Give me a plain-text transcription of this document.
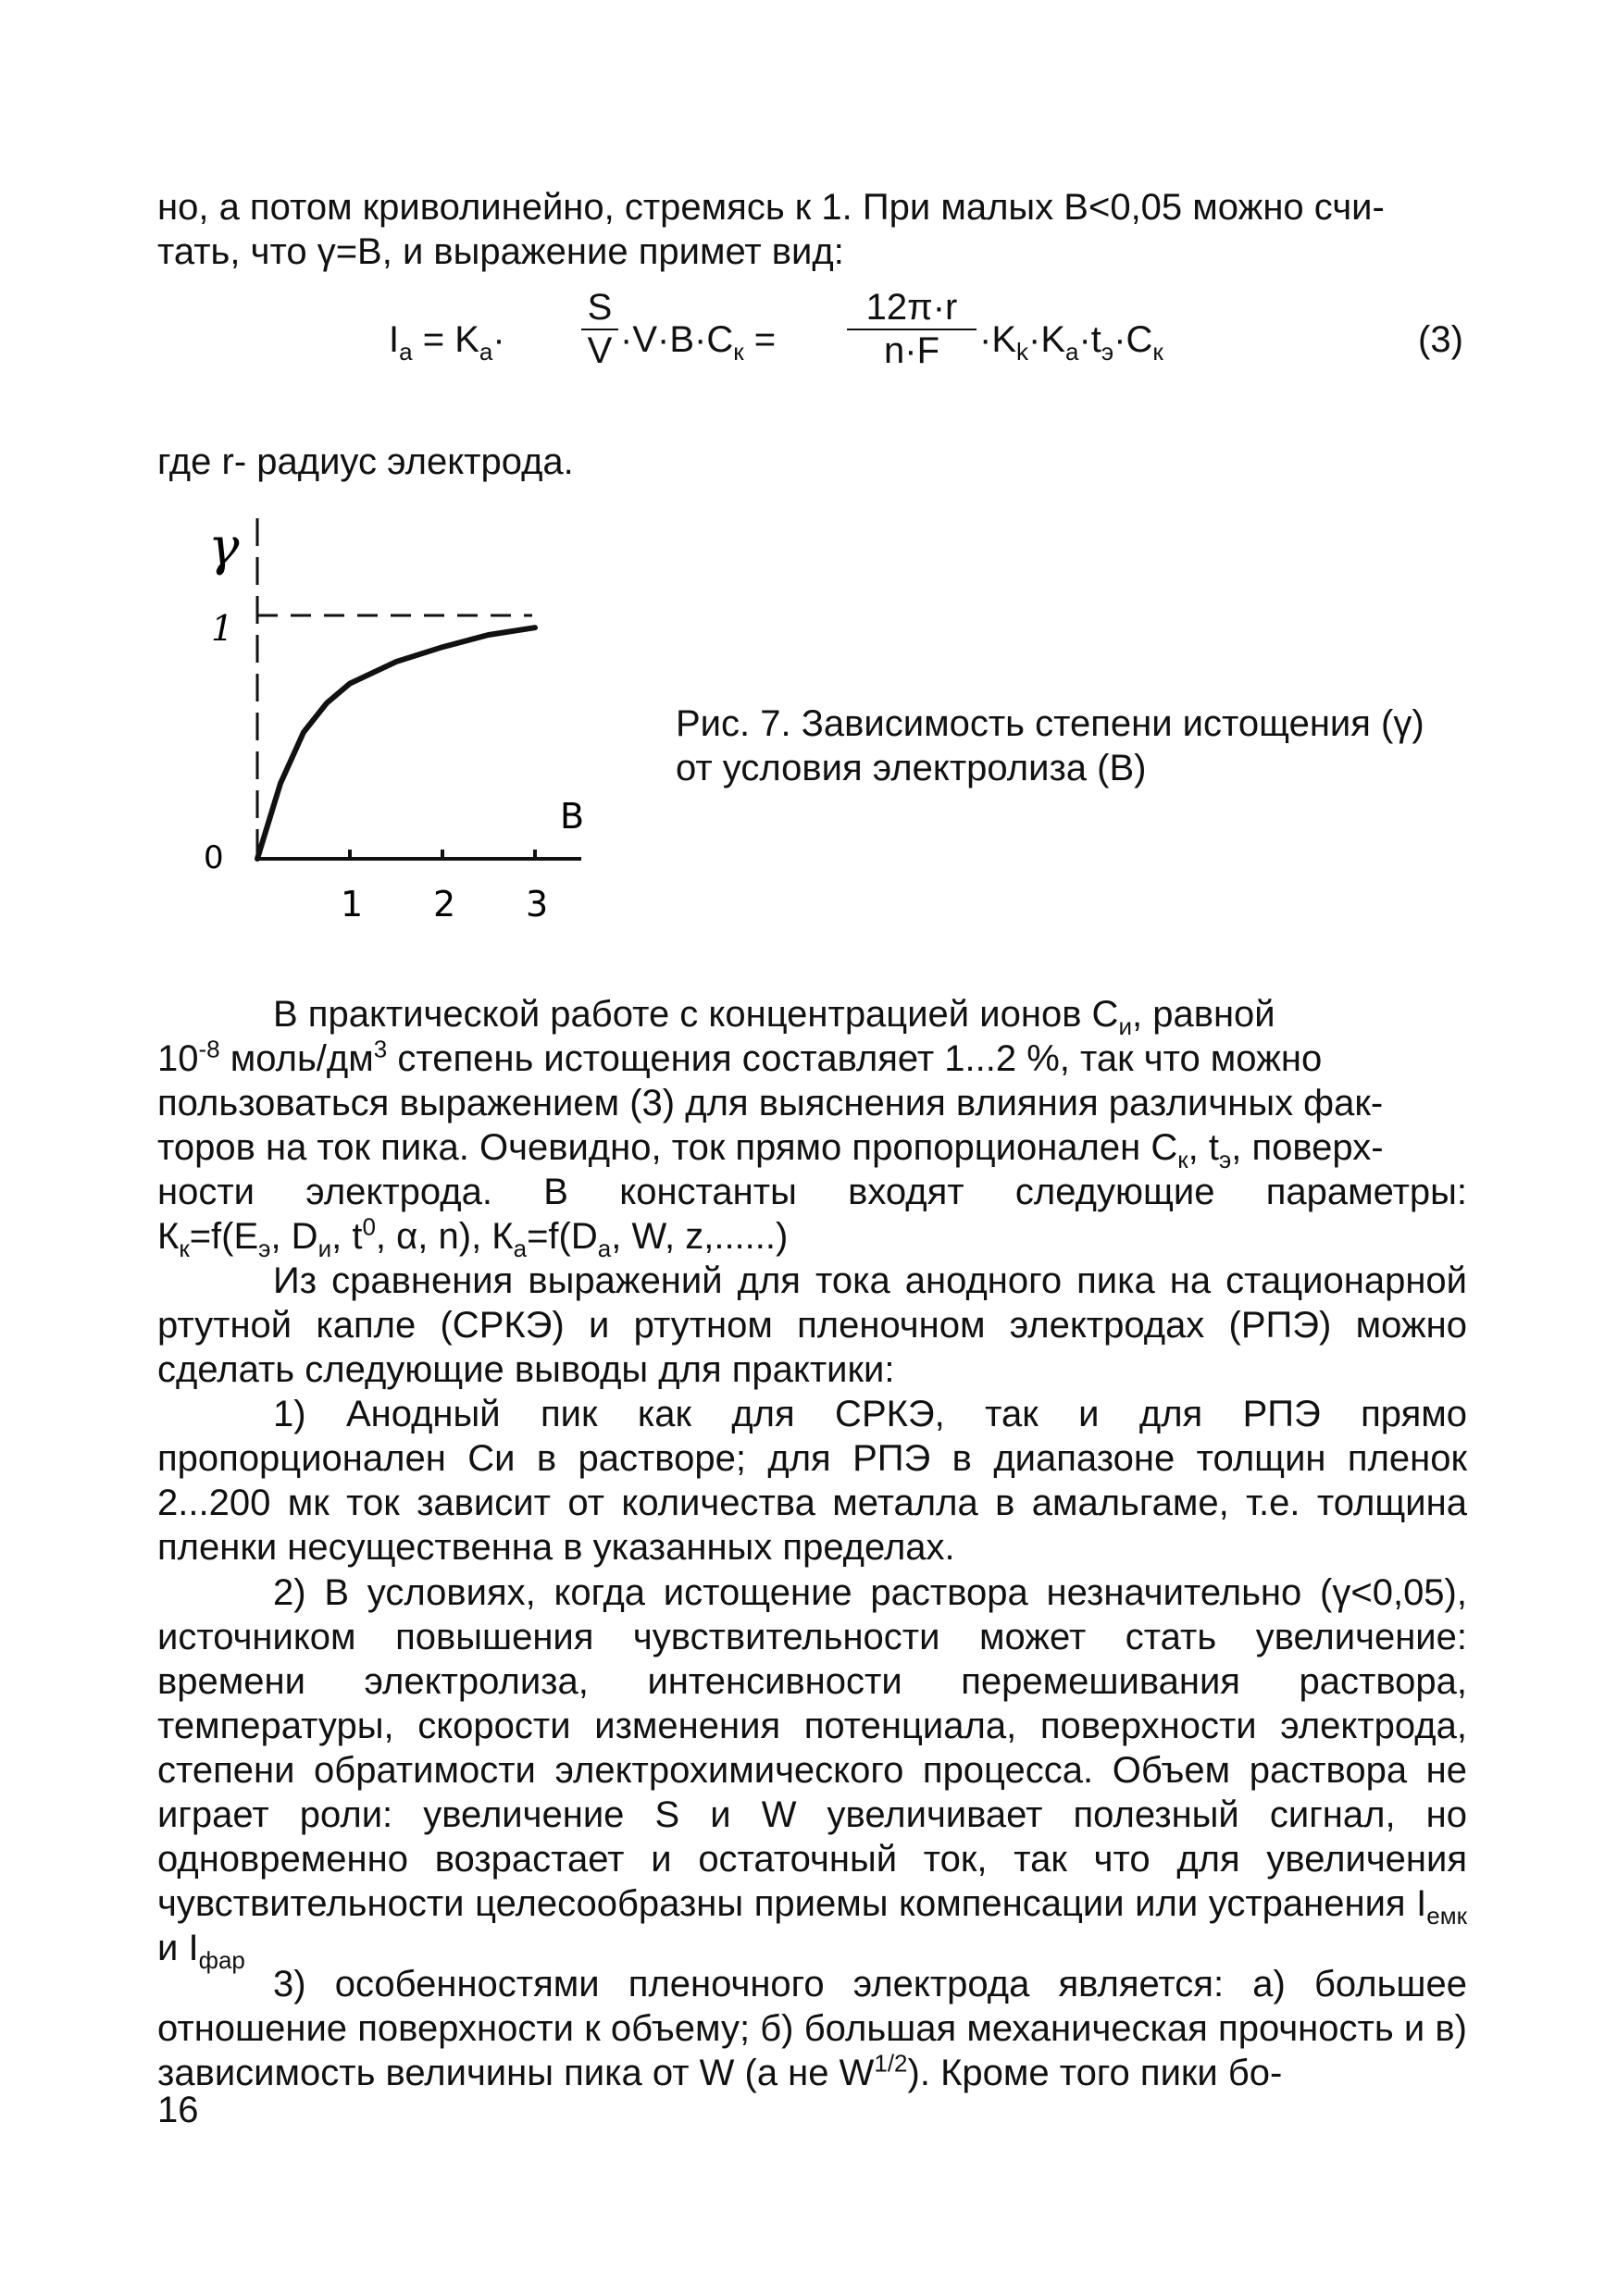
но, а потом криволинейно, стремясь к 1. При малых В<0,05 можно счи-
тать, что γ=В, и выражение примет вид:
$I_а = K_а\cdot$
S
$V \cdot V\cdot B\cdot C_к$ =
12π·r
n·F	$\cdot K_k\cdot K_а\cdot t_э\cdot C_к$	(3)
где r- радиус электрода.
γ
1
0
B
1 2 3
Рис. 7. Зависимость степени истощения (γ)
от условия электролиза (В)
В практической работе с концентрацией ионов $С_и$, равной
$10^{-8}$ моль/$дм^3$ степень истощения составляет 1...2 %, так что можно
пользоваться выражением (3) для выяснения влияния различных фак-
торов на ток пика. Очевидно, ток прямо пропорционален $С_к$, $t_э$, поверх-
ности электрода. В константы входят следующие параметры:
$К_к=f(Е_э$, $D_и$, $t^0$, α, n), $К_а=f(D_а$, W, z,......)
Из сравнения выражений для тока анодного пика на стационарной ртутной капле (СРКЭ) и ртутном пленочном электродах (РПЭ) можно сделать следующие выводы для практики:
1) Анодный пик как для СРКЭ, так и для РПЭ прямо пропорционален Си в растворе; для РПЭ в диапазоне толщин пленок 2...200 мк ток зависит от количества металла в амальгаме, т.е. толщина пленки несущественна в указанных пределах.
2) В условиях, когда истощение раствора незначительно (γ<0,05), источником повышения чувствительности может стать увеличение: времени электролиза, интенсивности перемешивания раствора, температуры, скорости изменения потенциала, поверхности электрода, степени обратимости электрохимического процесса. Объем раствора не играет роли: увеличение S и W увеличивает полезный сигнал, но одновременно возрастает и остаточный ток, так что для увеличения чувствительности целесообразны приемы компенсации или устранения $I_{емк}$ и $I_{фар}$
3) особенностями пленочного электрода является: а) большее отношение поверхности к объему; б) большая механическая прочность и в) зависимость величины пика от W (а не $W^{1/2}$). Кроме того пики бо-
16
